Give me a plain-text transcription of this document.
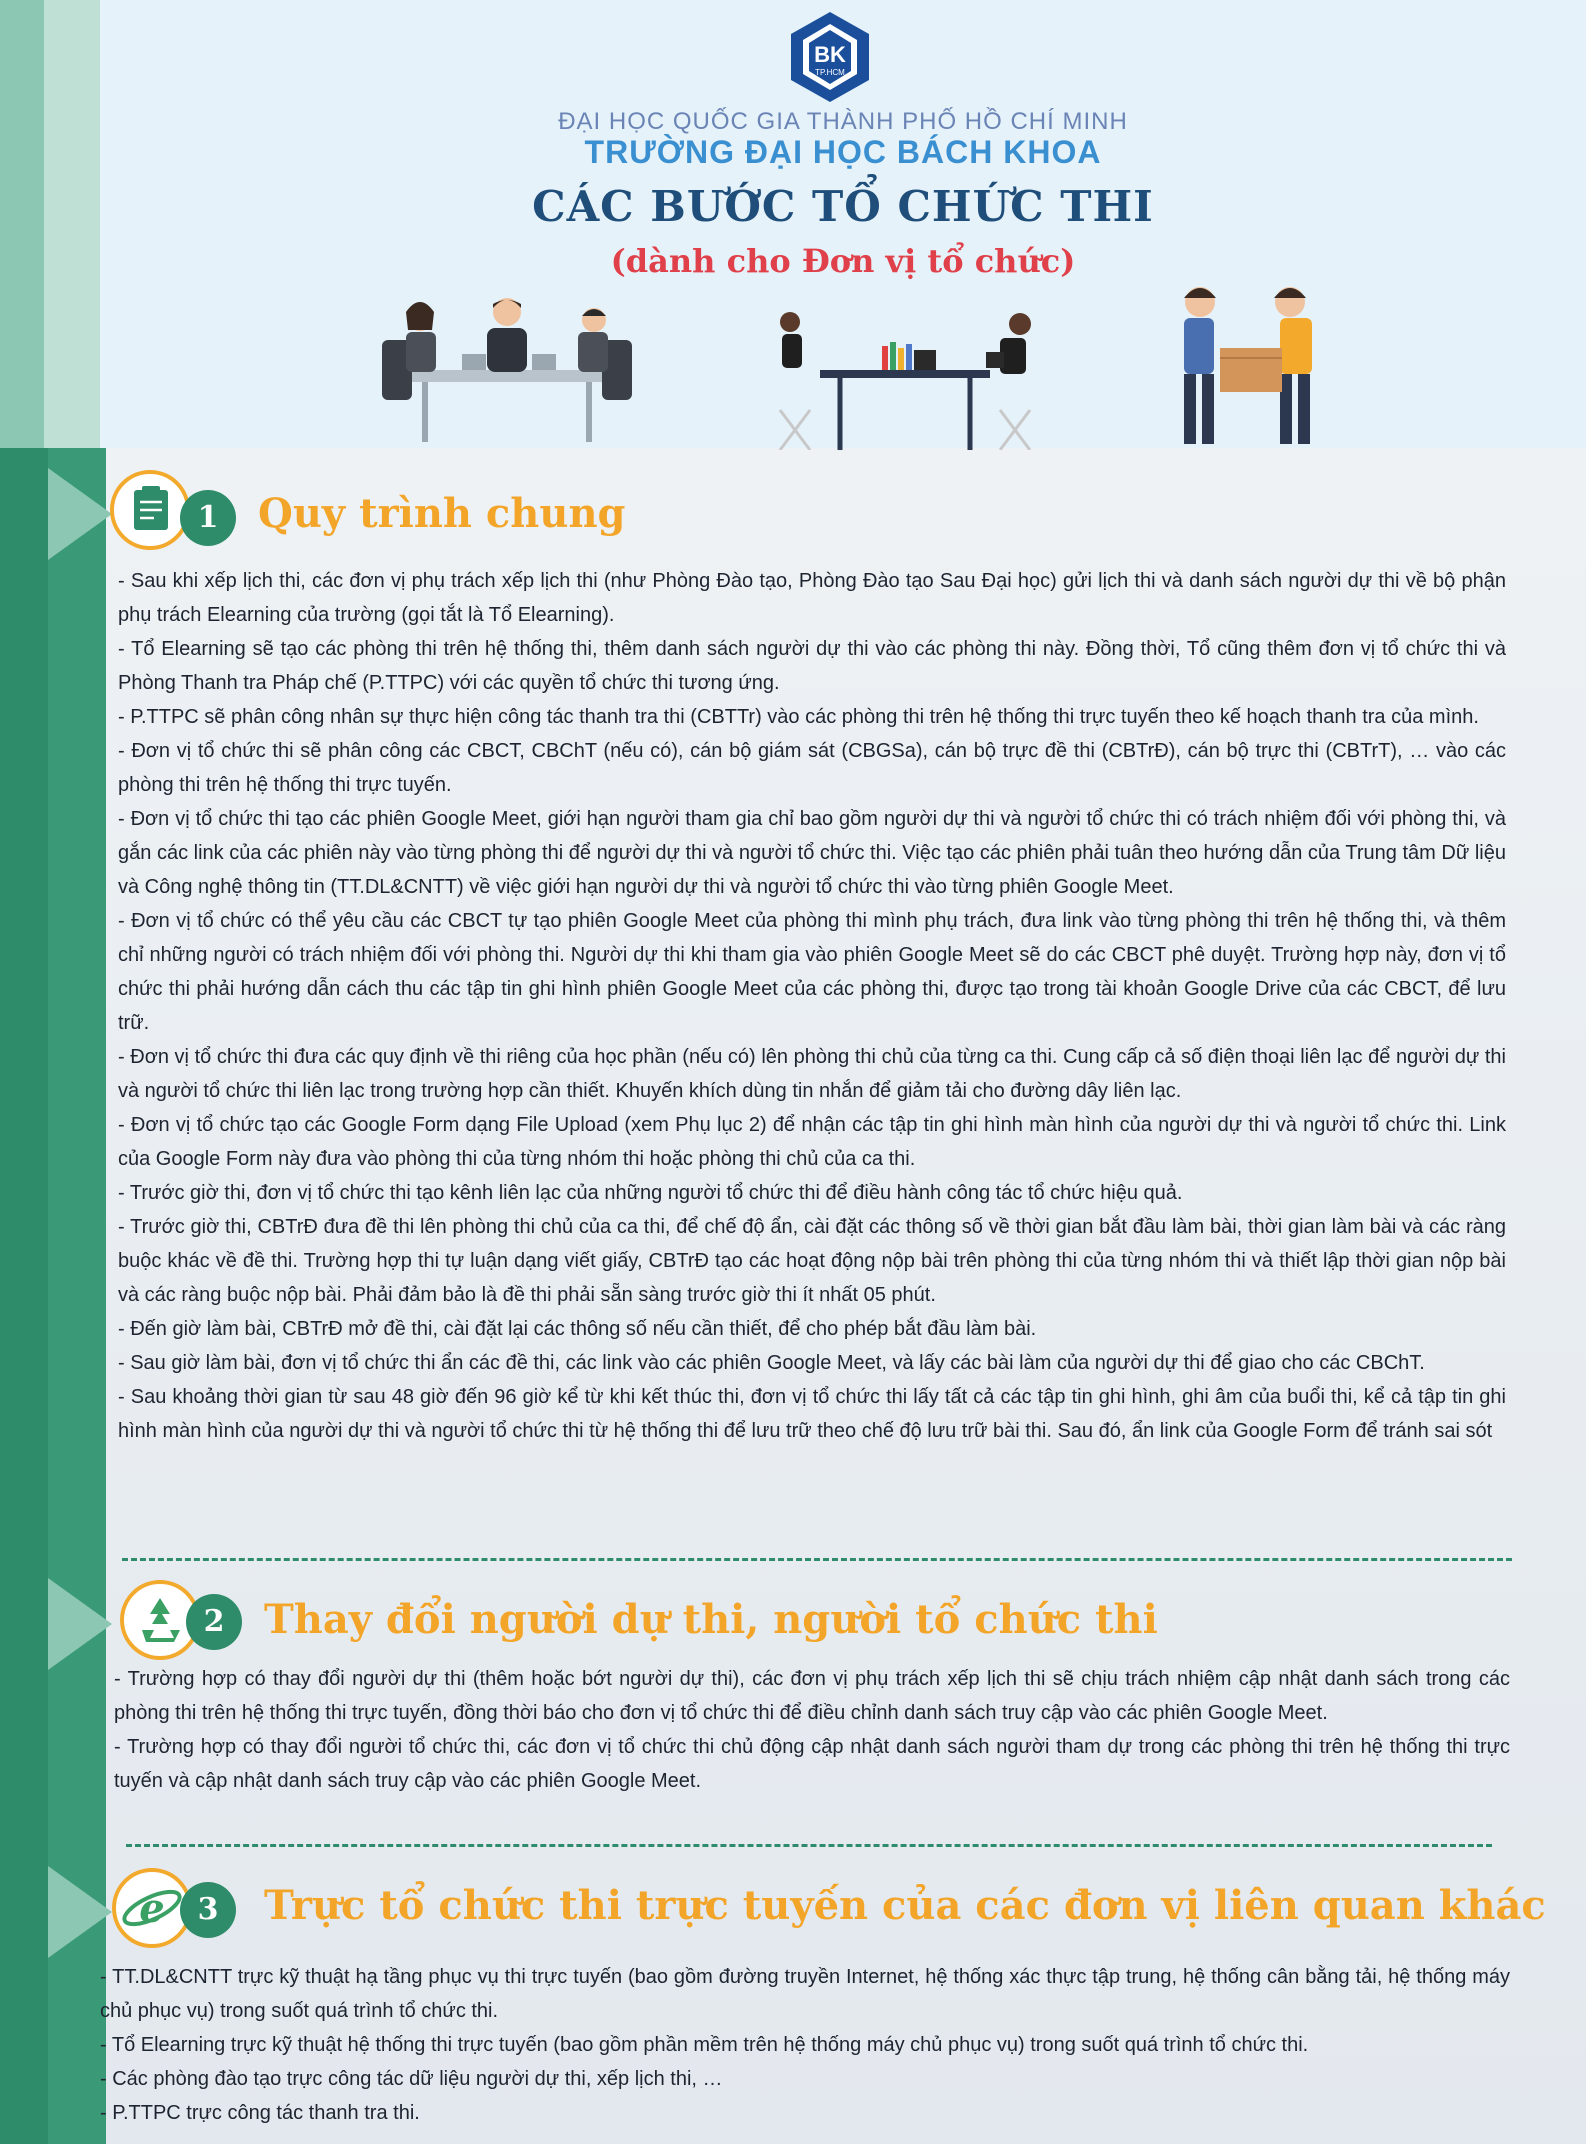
BK
TP.HCM
ĐẠI HỌC QUỐC GIA THÀNH PHỐ HỒ CHÍ MINH
TRƯỜNG ĐẠI HỌC BÁCH KHOA
CÁC BƯỚC TỔ CHỨC THI
(dành cho Đơn vị tổ chức)
1 Quy trình chung

- Sau khi xếp lịch thi, các đơn vị phụ trách xếp lịch thi (như Phòng Đào tạo, Phòng Đào tạo Sau Đại học) gửi lịch thi và danh sách người dự thi về bộ phận phụ trách Elearning của trường (gọi tắt là Tổ Elearning).

- Tổ Elearning sẽ tạo các phòng thi trên hệ thống thi, thêm danh sách người dự thi vào các phòng thi này. Đồng thời, Tổ cũng thêm đơn vị tổ chức thi và Phòng Thanh tra Pháp chế (P.TTPC) với các quyền tổ chức thi tương ứng.

- P.TTPC sẽ phân công nhân sự thực hiện công tác thanh tra thi (CBTTr) vào các phòng thi trên hệ thống thi trực tuyến theo kế hoạch thanh tra của mình.

- Đơn vị tổ chức thi sẽ phân công các CBCT, CBChT (nếu có), cán bộ giám sát (CBGSa), cán bộ trực đề thi (CBTrĐ), cán bộ trực thi (CBTrT), … vào các phòng thi trên hệ thống thi trực tuyến.

- Đơn vị tổ chức thi tạo các phiên Google Meet, giới hạn người tham gia chỉ bao gồm người dự thi và người tổ chức thi có trách nhiệm đối với phòng thi, và gắn các link của các phiên này vào từng phòng thi để người dự thi và người tổ chức thi. Việc tạo các phiên phải tuân theo hướng dẫn của Trung tâm Dữ liệu và Công nghệ thông tin (TT.DL&CNTT) về việc giới hạn người dự thi và người tổ chức thi vào từng phiên Google Meet.

- Đơn vị tổ chức có thể yêu cầu các CBCT tự tạo phiên Google Meet của phòng thi mình phụ trách, đưa link vào từng phòng thi trên hệ thống thi, và thêm chỉ những người có trách nhiệm đối với phòng thi. Người dự thi khi tham gia vào phiên Google Meet sẽ do các CBCT phê duyệt. Trường hợp này, đơn vị tổ chức thi phải hướng dẫn cách thu các tập tin ghi hình phiên Google Meet của các phòng thi, được tạo trong tài khoản Google Drive của các CBCT, để lưu trữ.

- Đơn vị tổ chức thi đưa các quy định về thi riêng của học phần (nếu có) lên phòng thi chủ của từng ca thi. Cung cấp cả số điện thoại liên lạc để người dự thi và người tổ chức thi liên lạc trong trường hợp cần thiết. Khuyến khích dùng tin nhắn để giảm tải cho đường dây liên lạc.

- Đơn vị tổ chức tạo các Google Form dạng File Upload (xem Phụ lục 2) để nhận các tập tin ghi hình màn hình của người dự thi và người tổ chức thi. Link của Google Form này đưa vào phòng thi của từng nhóm thi hoặc phòng thi chủ của ca thi.

- Trước giờ thi, đơn vị tổ chức thi tạo kênh liên lạc của những người tổ chức thi để điều hành công tác tổ chức hiệu quả.

- Trước giờ thi, CBTrĐ đưa đề thi lên phòng thi chủ của ca thi, để chế độ ẩn, cài đặt các thông số về thời gian bắt đầu làm bài, thời gian làm bài và các ràng buộc khác về đề thi. Trường hợp thi tự luận dạng viết giấy, CBTrĐ tạo các hoạt động nộp bài trên phòng thi của từng nhóm thi và thiết lập thời gian nộp bài và các ràng buộc nộp bài. Phải đảm bảo là đề thi phải sẵn sàng trước giờ thi ít nhất 05 phút.

- Đến giờ làm bài, CBTrĐ mở đề thi, cài đặt lại các thông số nếu cần thiết, để cho phép bắt đầu làm bài.

- Sau giờ làm bài, đơn vị tổ chức thi ẩn các đề thi, các link vào các phiên Google Meet, và lấy các bài làm của người dự thi để giao cho các CBChT.

- Sau khoảng thời gian từ sau 48 giờ đến 96 giờ kể từ khi kết thúc thi, đơn vị tổ chức thi lấy tất cả các tập tin ghi hình, ghi âm của buổi thi, kể cả tập tin ghi hình màn hình của người dự thi và người tổ chức thi từ hệ thống thi để lưu trữ theo chế độ lưu trữ bài thi. Sau đó, ẩn link của Google Form để tránh sai sót

2 Thay đổi người dự thi, người tổ chức thi

- Trường hợp có thay đổi người dự thi (thêm hoặc bớt người dự thi), các đơn vị phụ trách xếp lịch thi sẽ chịu trách nhiệm cập nhật danh sách trong các phòng thi trên hệ thống thi trực tuyến, đồng thời báo cho đơn vị tổ chức thi để điều chỉnh danh sách truy cập vào các phiên Google Meet.

- Trường hợp có thay đổi người tổ chức thi, các đơn vị tổ chức thi chủ động cập nhật danh sách người tham dự trong các phòng thi trên hệ thống thi trực tuyến và cập nhật danh sách truy cập vào các phiên Google Meet.

e	3	Trực tổ chức thi trực tuyến của các đơn vị liên quan khác

- TT.DL&CNTT trực kỹ thuật hạ tầng phục vụ thi trực tuyến (bao gồm đường truyền Internet, hệ thống xác thực tập trung, hệ thống cân bằng tải, hệ thống máy chủ phục vụ) trong suốt quá trình tổ chức thi.

- Tổ Elearning trực kỹ thuật hệ thống thi trực tuyến (bao gồm phần mềm trên hệ thống máy chủ phục vụ) trong suốt quá trình tổ chức thi.

- Các phòng đào tạo trực công tác dữ liệu người dự thi, xếp lịch thi, …

- P.TTPC trực công tác thanh tra thi.
